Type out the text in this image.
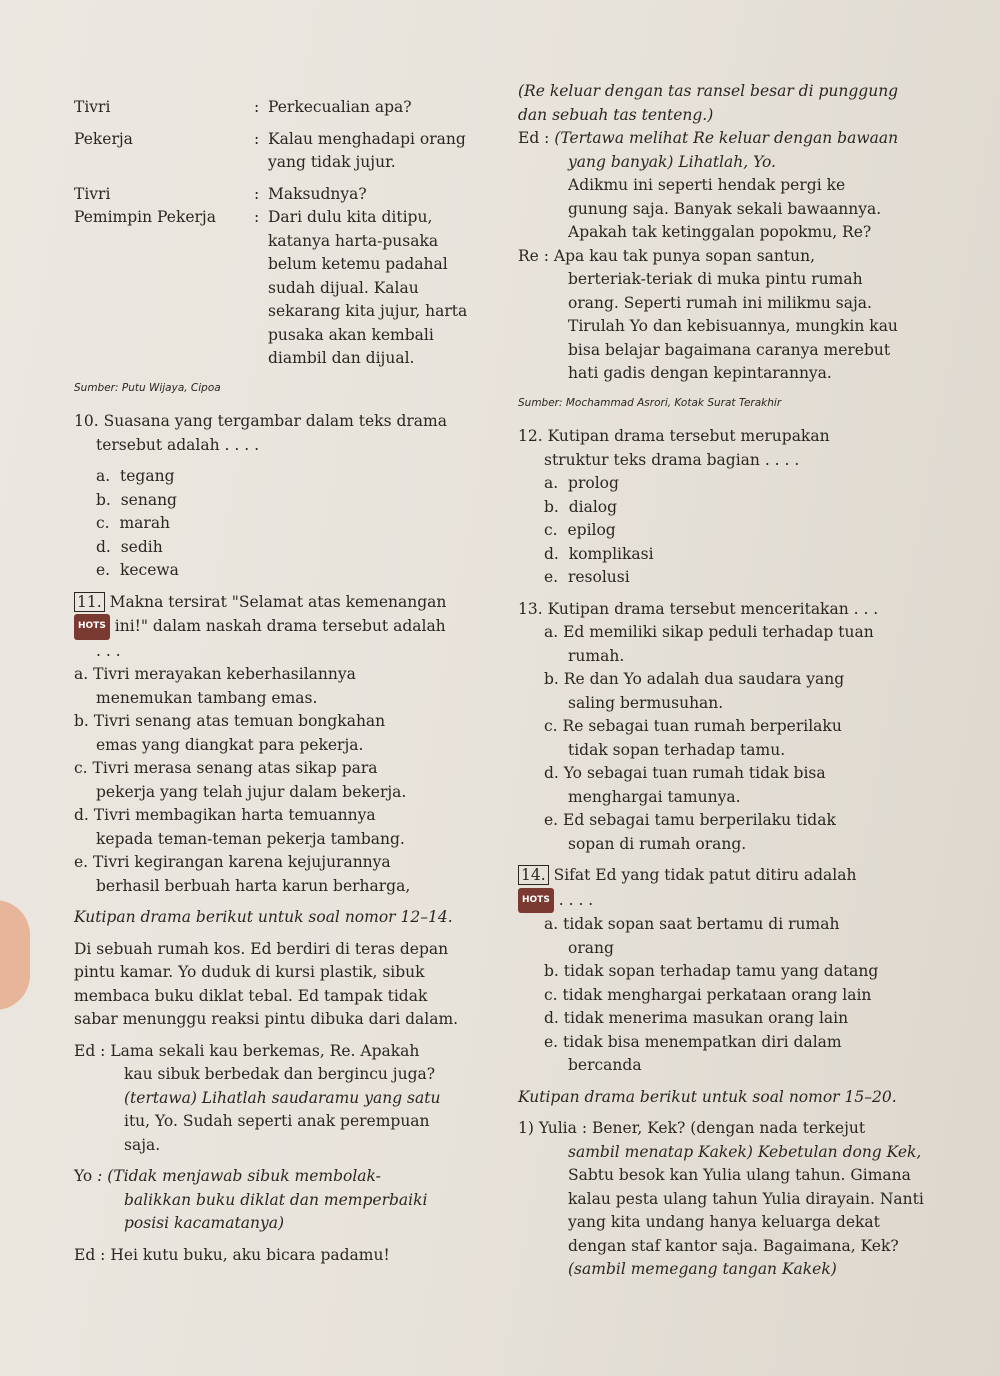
Tivri	: Perkecualian apa?
Pekerja	: Kalau menghadapi orang
yang tidak jujur.
Tivri	: Maksudnya?
Pemimpin Pekerja	: Dari dulu kita ditipu,
katanya harta-pusaka
belum ketemu padahal
sudah dijual. Kalau
sekarang kita jujur, harta
pusaka akan kembali
diambil dan dijual.
Sumber: Putu Wijaya, Cipoa
10. Suasana yang tergambar dalam teks drama
tersebut adalah . . . .
a. tegang
b. senang
c. marah
d. sedih
e. kecewa
11. Makna tersirat "Selamat atas kemenangan
HOTS ini!" dalam naskah drama tersebut adalah
. . .
a. Tivri merayakan keberhasilannya
menemukan tambang emas.
b. Tivri senang atas temuan bongkahan
emas yang diangkat para pekerja.
c. Tivri merasa senang atas sikap para
pekerja yang telah jujur dalam bekerja.
d. Tivri membagikan harta temuannya
kepada teman-teman pekerja tambang.
e. Tivri kegirangan karena kejujurannya
berhasil berbuah harta karun berharga,
Kutipan drama berikut untuk soal nomor 12–14.
Di sebuah rumah kos. Ed berdiri di teras depan
pintu kamar. Yo duduk di kursi plastik, sibuk
membaca buku diklat tebal. Ed tampak tidak
sabar menunggu reaksi pintu dibuka dari dalam.
Ed : Lama sekali kau berkemas, Re. Apakah
kau sibuk berbedak dan bergincu juga?
(tertawa) Lihatlah saudaramu yang satu
itu, Yo. Sudah seperti anak perempuan
saja.
Yo : (Tidak menjawab sibuk membolak-
balikkan buku diklat dan memperbaiki
posisi kacamatanya)
Ed : Hei kutu buku, aku bicara padamu!
(Re keluar dengan tas ransel besar di punggung
dan sebuah tas tenteng.)
Ed : (Tertawa melihat Re keluar dengan bawaan
yang banyak) Lihatlah, Yo.
Adikmu ini seperti hendak pergi ke
gunung saja. Banyak sekali bawaannya.
Apakah tak ketinggalan popokmu, Re?
Re : Apa kau tak punya sopan santun,
berteriak-teriak di muka pintu rumah
orang. Seperti rumah ini milikmu saja.
Tirulah Yo dan kebisuannya, mungkin kau
bisa belajar bagaimana caranya merebut
hati gadis dengan kepintarannya.
Sumber: Mochammad Asrori, Kotak Surat Terakhir
12. Kutipan drama tersebut merupakan
struktur teks drama bagian . . . .
a. prolog
b. dialog
c. epilog
d. komplikasi
e. resolusi
13. Kutipan drama tersebut menceritakan . . .
a. Ed memiliki sikap peduli terhadap tuan
rumah.
b. Re dan Yo adalah dua saudara yang
saling bermusuhan.
c. Re sebagai tuan rumah berperilaku
tidak sopan terhadap tamu.
d. Yo sebagai tuan rumah tidak bisa
menghargai tamunya.
e. Ed sebagai tamu berperilaku tidak
sopan di rumah orang.
14. Sifat Ed yang tidak patut ditiru adalah
HOTS . . . .
a. tidak sopan saat bertamu di rumah
orang
b. tidak sopan terhadap tamu yang datang
c. tidak menghargai perkataan orang lain
d. tidak menerima masukan orang lain
e. tidak bisa menempatkan diri dalam
bercanda
Kutipan drama berikut untuk soal nomor 15–20.
1) Yulia : Bener, Kek? (dengan nada terkejut
sambil menatap Kakek) Kebetulan dong Kek,
Sabtu besok kan Yulia ulang tahun. Gimana
kalau pesta ulang tahun Yulia dirayain. Nanti
yang kita undang hanya keluarga dekat
dengan staf kantor saja. Bagaimana, Kek?
(sambil memegang tangan Kakek)
